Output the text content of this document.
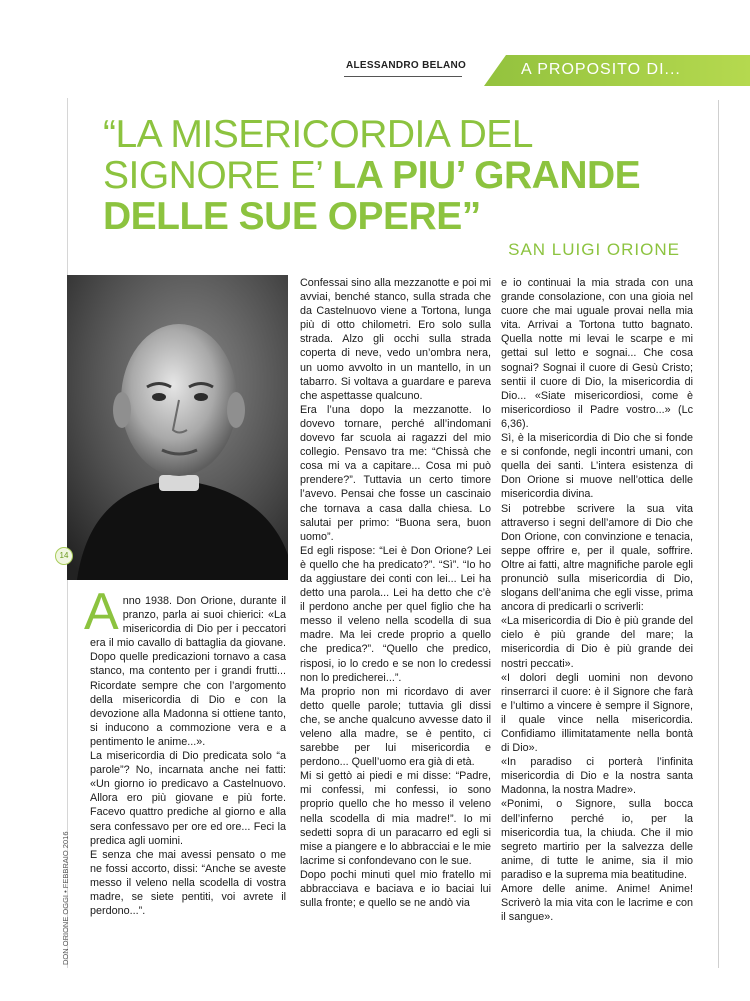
ALESSANDRO BELANO	A PROPOSITO DI...
“LA MISERICORDIA DEL
SIGNORE E’ LA PIU’ GRANDE
DELLE SUE OPERE”
SAN LUIGI ORIONE
14
DON ORIONE OGGI • FEBBRAIO 2016

Anno 1938. Don Orione, durante il pranzo, parla ai suoi chierici: «La misericordia di Dio per i peccatori era il mio cavallo di battaglia da giovane. Dopo quelle predicazioni tornavo a casa stanco, ma contento per i grandi frutti... Ricordate sempre che con l’argomento della misericordia di Dio e con la devozione alla Madonna si ottiene tanto, si inducono a commozione vera e a pentimento le anime...».

La misericordia di Dio predicata solo “a parole”? No, incarnata anche nei fatti: «Un giorno io predicavo a Castelnuovo. Allora ero più giovane e più forte. Facevo quattro prediche al giorno e alla sera confessavo per ore ed ore... Feci la predica agli uomini.

E senza che mai avessi pensato o me ne fossi accorto, dissi: “Anche se aveste messo il veleno nella scodella di vostra madre, se siete pentiti, voi avrete il perdono...”.

Confessai sino alla mezzanotte e poi mi avviai, benché stanco, sulla strada che da Castelnuovo viene a Tortona, lunga più di otto chilometri. Ero solo sulla strada. Alzo gli occhi sulla strada coperta di neve, vedo un’ombra nera, un uomo avvolto in un mantello, in un tabarro. Si voltava a guardare e pareva che aspettasse qualcuno.

Era l’una dopo la mezzanotte. Io dovevo tornare, perché all’indomani dovevo far scuola ai ragazzi del mio collegio. Pensavo tra me: “Chissà che cosa mi va a capitare... Cosa mi può prendere?”. Tuttavia un certo timore l’avevo. Pensai che fosse un cascinaio che tornava a casa dalla chiesa. Lo salutai per primo: “Buona sera, buon uomo”.

Ed egli rispose: “Lei è Don Orione? Lei è quello che ha predicato?”. “Sì”. “Io ho da aggiustare dei conti con lei... Lei ha detto una parola... Lei ha detto che c’è il perdono anche per quel figlio che ha messo il veleno nella scodella di sua madre. Ma lei crede proprio a quello che predica?”. “Quello che predico, risposi, io lo credo e se non lo credessi non lo predicherei...”.

Ma proprio non mi ricordavo di aver detto quelle parole; tuttavia gli dissi che, se anche qualcuno avvesse dato il veleno alla madre, se è pentito, ci sarebbe per lui misericordia e perdono... Quell’uomo era già di età.

Mi si gettò ai piedi e mi disse: “Padre, mi confessi, mi confessi, io sono proprio quello che ho messo il veleno nella scodella di mia madre!”. Io mi sedetti sopra di un paracarro ed egli si mise a piangere e lo abbracciai e le mie lacrime si confondevano con le sue.

Dopo pochi minuti quel mio fratello mi abbracciava e baciava e io baciai lui sulla fronte; e quello se ne andò via

e io continuai la mia strada con una grande consolazione, con una gioia nel cuore che mai uguale provai nella mia vita. Arrivai a Tortona tutto bagnato. Quella notte mi levai le scarpe e mi gettai sul letto e sognai... Che cosa sognai? Sognai il cuore di Gesù Cristo; sentii il cuore di Dio, la misericordia di Dio... «Siate misericordiosi, come è misericordioso il Padre vostro...» (Lc 6,36).

Sì, è la misericordia di Dio che si fonde e si confonde, negli incontri umani, con quella dei santi. L’intera esistenza di Don Orione si muove nell’ottica delle misericordia divina.

Si potrebbe scrivere la sua vita attraverso i segni dell’amore di Dio che Don Orione, con convinzione e tenacia, seppe offrire e, per il quale, soffrire. Oltre ai fatti, altre magnifiche parole egli pronunciò sulla misericordia di Dio, slogans dell’anima che egli visse, prima ancora di predicarli o scriverli:

«La misericordia di Dio è più grande del cielo è più grande del mare; la misericordia di Dio è più grande dei nostri peccati».

«I dolori degli uomini non devono rinserrarci il cuore: è il Signore che farà e l’ultimo a vincere è sempre il Signore, il quale vince nella misericordia. Confidiamo illimitatamente nella bontà di Dio».

«In paradiso ci porterà l’infinita misericordia di Dio e la nostra santa Madonna, la nostra Madre».

«Ponimi, o Signore, sulla bocca dell’inferno perché io, per la misericordia tua, la chiuda. Che il mio segreto martirio per la salvezza delle anime, di tutte le anime, sia il mio paradiso e la suprema mia beatitudine.

Amore delle anime. Anime! Anime! Scriverò la mia vita con le lacrime e con il sangue».
